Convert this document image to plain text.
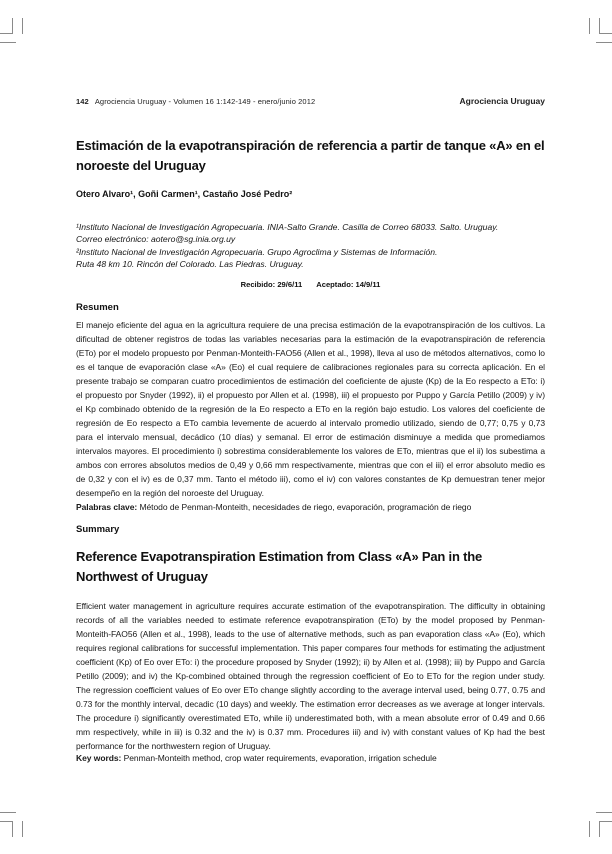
142 Agrociencia Uruguay - Volumen 16 1:142-149 - enero/junio 2012	Agrociencia Uruguay
Estimación de la evapotranspiración de referencia a partir de tanque «A» en el noroeste del Uruguay
Otero Alvaro¹, Goñi Carmen¹, Castaño José Pedro²
¹Instituto Nacional de Investigación Agropecuaria. INIA-Salto Grande. Casilla de Correo 68033. Salto. Uruguay.
Correo electrónico: aotero@sg.inia.org.uy
²Instituto Nacional de Investigación Agropecuaria. Grupo Agroclima y Sistemas de Información.
Ruta 48 km 10. Rincón del Colorado. Las Piedras. Uruguay.
Recibido: 29/6/11 Aceptado: 14/9/11
Resumen
El manejo eficiente del agua en la agricultura requiere de una precisa estimación de la evapotranspiración de los cultivos. La dificultad de obtener registros de todas las variables necesarias para la estimación de la evapotranspiración de referencia (ETo) por el modelo propuesto por Penman-Monteith-FAO56 (Allen et al., 1998), lleva al uso de métodos alternativos, como lo es el tanque de evaporación clase «A» (Eo) el cual requiere de calibraciones regionales para su correcta aplicación. En el presente trabajo se comparan cuatro procedimientos de estimación del coeficiente de ajuste (Kp) de la Eo respecto a ETo: i) el propuesto por Snyder (1992), ii) el propuesto por Allen et al. (1998), iii) el propuesto por Puppo y García Petillo (2009) y iv) el Kp combinado obtenido de la regresión de la Eo respecto a ETo en la región bajo estudio. Los valores del coeficiente de regresión de Eo respecto a ETo cambia levemente de acuerdo al intervalo promedio utilizado, siendo de 0,77; 0,75 y 0,73 para el intervalo mensual, decádico (10 días) y semanal. El error de estimación disminuye a medida que promediamos intervalos mayores. El procedimiento i) sobrestima considerablemente los valores de ETo, mientras que el ii) los subestima a ambos con errores absolutos medios de 0,49 y 0,66 mm respectivamente, mientras que con el iii) el error absoluto medio es de 0,32 y con el iv) es de 0,37 mm. Tanto el método iii), como el iv) con valores constantes de Kp demuestran tener mejor desempeño en la región del noroeste del Uruguay.
Palabras clave: Método de Penman-Monteith, necesidades de riego, evaporación, programación de riego
Summary
Reference Evapotranspiration Estimation from Class «A» Pan in the Northwest of Uruguay
Efficient water management in agriculture requires accurate estimation of the evapotranspiration. The difficulty in obtaining records of all the variables needed to estimate reference evapotranspiration (ETo) by the model proposed by Penman-Monteith-FAO56 (Allen et al., 1998), leads to the use of alternative methods, such as pan evaporation class «A» (Eo), which requires regional calibrations for successful implementation. This paper compares four methods for estimating the adjustment coefficient (Kp) of Eo over ETo: i) the procedure proposed by Snyder (1992); ii) by Allen et al. (1998); iii) by Puppo and García Petillo (2009); and iv) the Kp-combined obtained through the regression coefficient of Eo to ETo for the region under study. The regression coefficient values of Eo over ETo change slightly according to the average interval used, being 0.77, 0.75 and 0.73 for the monthly interval, decadic (10 days) and weekly. The estimation error decreases as we average at longer intervals. The procedure i) significantly overestimated ETo, while ii) underestimated both, with a mean absolute error of 0.49 and 0.66 mm respectively, while in iii) is 0.32 and the iv) is 0.37 mm. Procedures iii) and iv) with constant values of Kp had the best performance for the northwestern region of Uruguay.
Key words: Penman-Monteith method, crop water requirements, evaporation, irrigation schedule
